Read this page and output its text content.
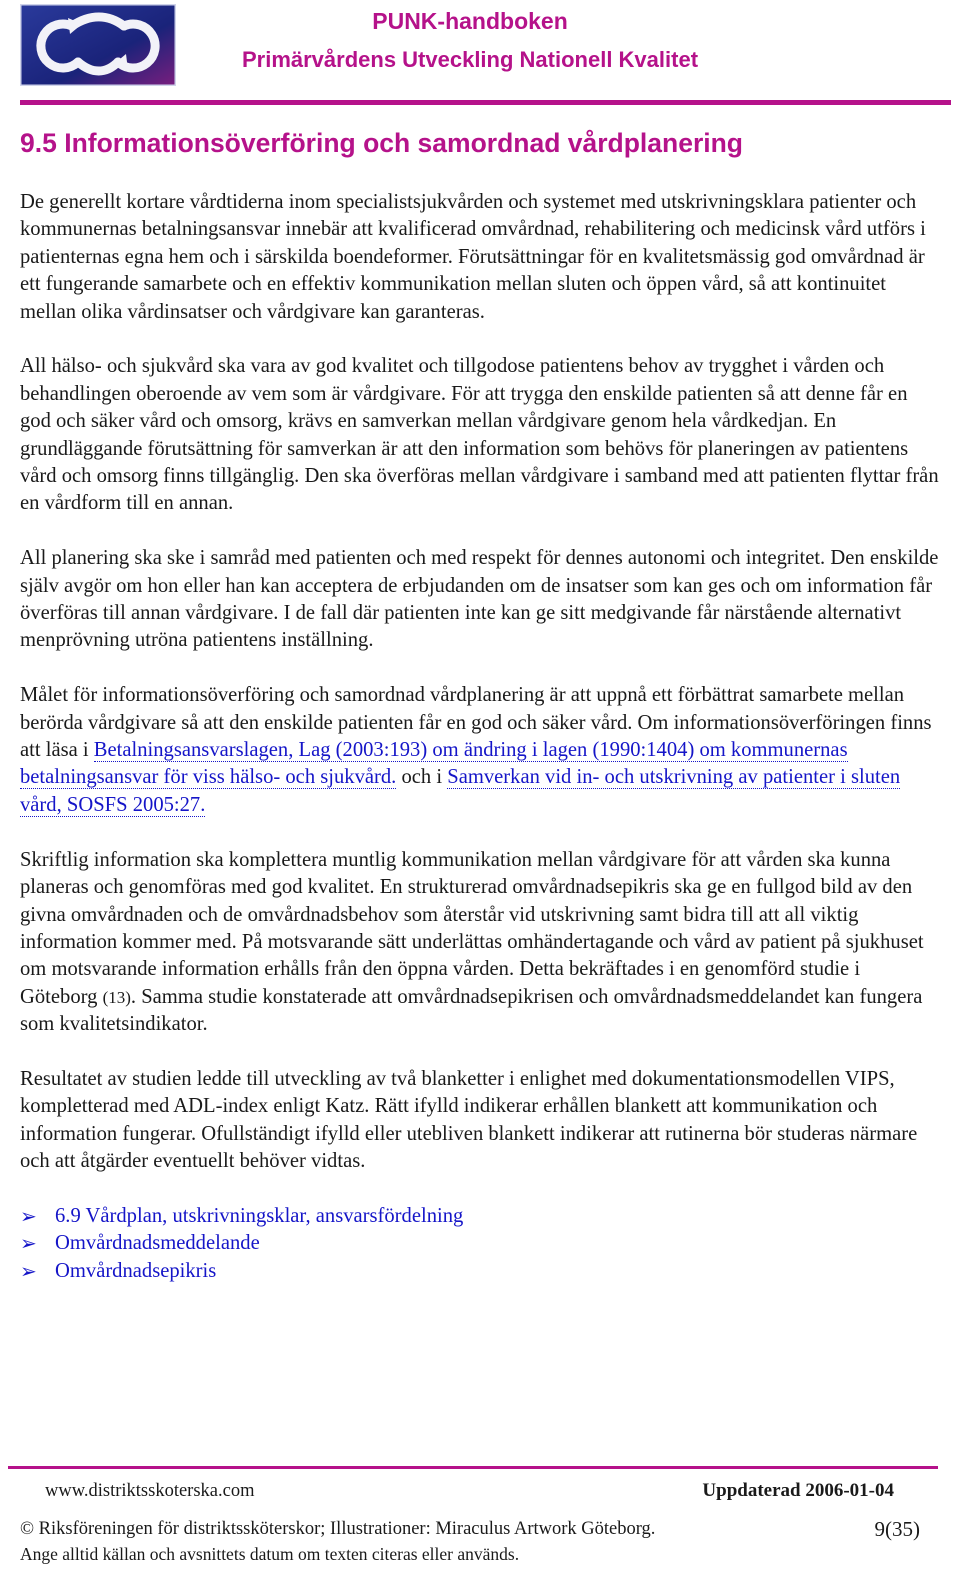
PUNK-handboken
Primärvårdens Utveckling Nationell Kvalitet
9.5 Informationsöverföring och samordnad vårdplanering

De generellt kortare vårdtiderna inom specialistsjukvården och systemet med utskrivningsklara patienter och kommunernas betalningsansvar innebär att kvalificerad omvårdnad, rehabilitering och medicinsk vård utförs i patienternas egna hem och i särskilda boendeformer. Förutsättningar för en kvalitetsmässig god omvårdnad är ett fungerande samarbete och en effektiv kommunikation mellan sluten och öppen vård, så att kontinuitet mellan olika vårdinsatser och vårdgivare kan garanteras.

All hälso- och sjukvård ska vara av god kvalitet och tillgodose patientens behov av trygghet i vården och behandlingen oberoende av vem som är vårdgivare. För att trygga den enskilde patienten så att denne får en god och säker vård och omsorg, krävs en samverkan mellan vårdgivare genom hela vårdkedjan. En grundläggande förutsättning för samverkan är att den information som behövs för planeringen av patientens vård och omsorg finns tillgänglig. Den ska överföras mellan vårdgivare i samband med att patienten flyttar från en vårdform till en annan.

All planering ska ske i samråd med patienten och med respekt för dennes autonomi och integritet. Den enskilde själv avgör om hon eller han kan acceptera de erbjudanden om de insatser som kan ges och om information får överföras till annan vårdgivare. I de fall där patienten inte kan ge sitt medgivande får närstående alternativt menprövning utröna patientens inställning.

Målet för informationsöverföring och samordnad vårdplanering är att uppnå ett förbättrat samarbete mellan berörda vårdgivare så att den enskilde patienten får en god och säker vård. Om informationsöverföringen finns att läsa i Betalningsansvarslagen, Lag (2003:193) om ändring i lagen (1990:1404) om kommunernas betalningsansvar för viss hälso- och sjukvård. och i Samverkan vid in- och utskrivning av patienter i sluten vård, SOSFS 2005:27.

Skriftlig information ska komplettera muntlig kommunikation mellan vårdgivare för att vården ska kunna planeras och genomföras med god kvalitet. En strukturerad omvårdnadsepikris ska ge en fullgod bild av den givna omvårdnaden och de omvårdnadsbehov som återstår vid utskrivning samt bidra till att all viktig information kommer med. På motsvarande sätt underlättas omhändertagande och vård av patient på sjukhuset om motsvarande information erhålls från den öppna vården. Detta bekräftades i en genomförd studie i Göteborg (13). Samma studie konstaterade att omvårdnadsepikrisen och omvårdnadsmeddelandet kan fungera som kvalitetsindikator.

Resultatet av studien ledde till utveckling av två blanketter i enlighet med dokumentationsmodellen VIPS, kompletterad med ADL-index enligt Katz. Rätt ifylld indikerar erhållen blankett att kommunikation och information fungerar. Ofullständigt ifylld eller utebliven blankett indikerar att rutinerna bör studeras närmare och att åtgärder eventuellt behöver vidtas.

➢ 6.9 Vårdplan, utskrivningsklar, ansvarsfördelning
➢ Omvårdnadsmeddelande
➢ Omvårdnadsepikris
www.distriktsskoterska.com	Uppdaterad 2006-01-04
© Riksföreningen för distriktssköterskor; Illustrationer: Miraculus Artwork Göteborg.	9(35)
Ange alltid källan och avsnittets datum om texten citeras eller används.
